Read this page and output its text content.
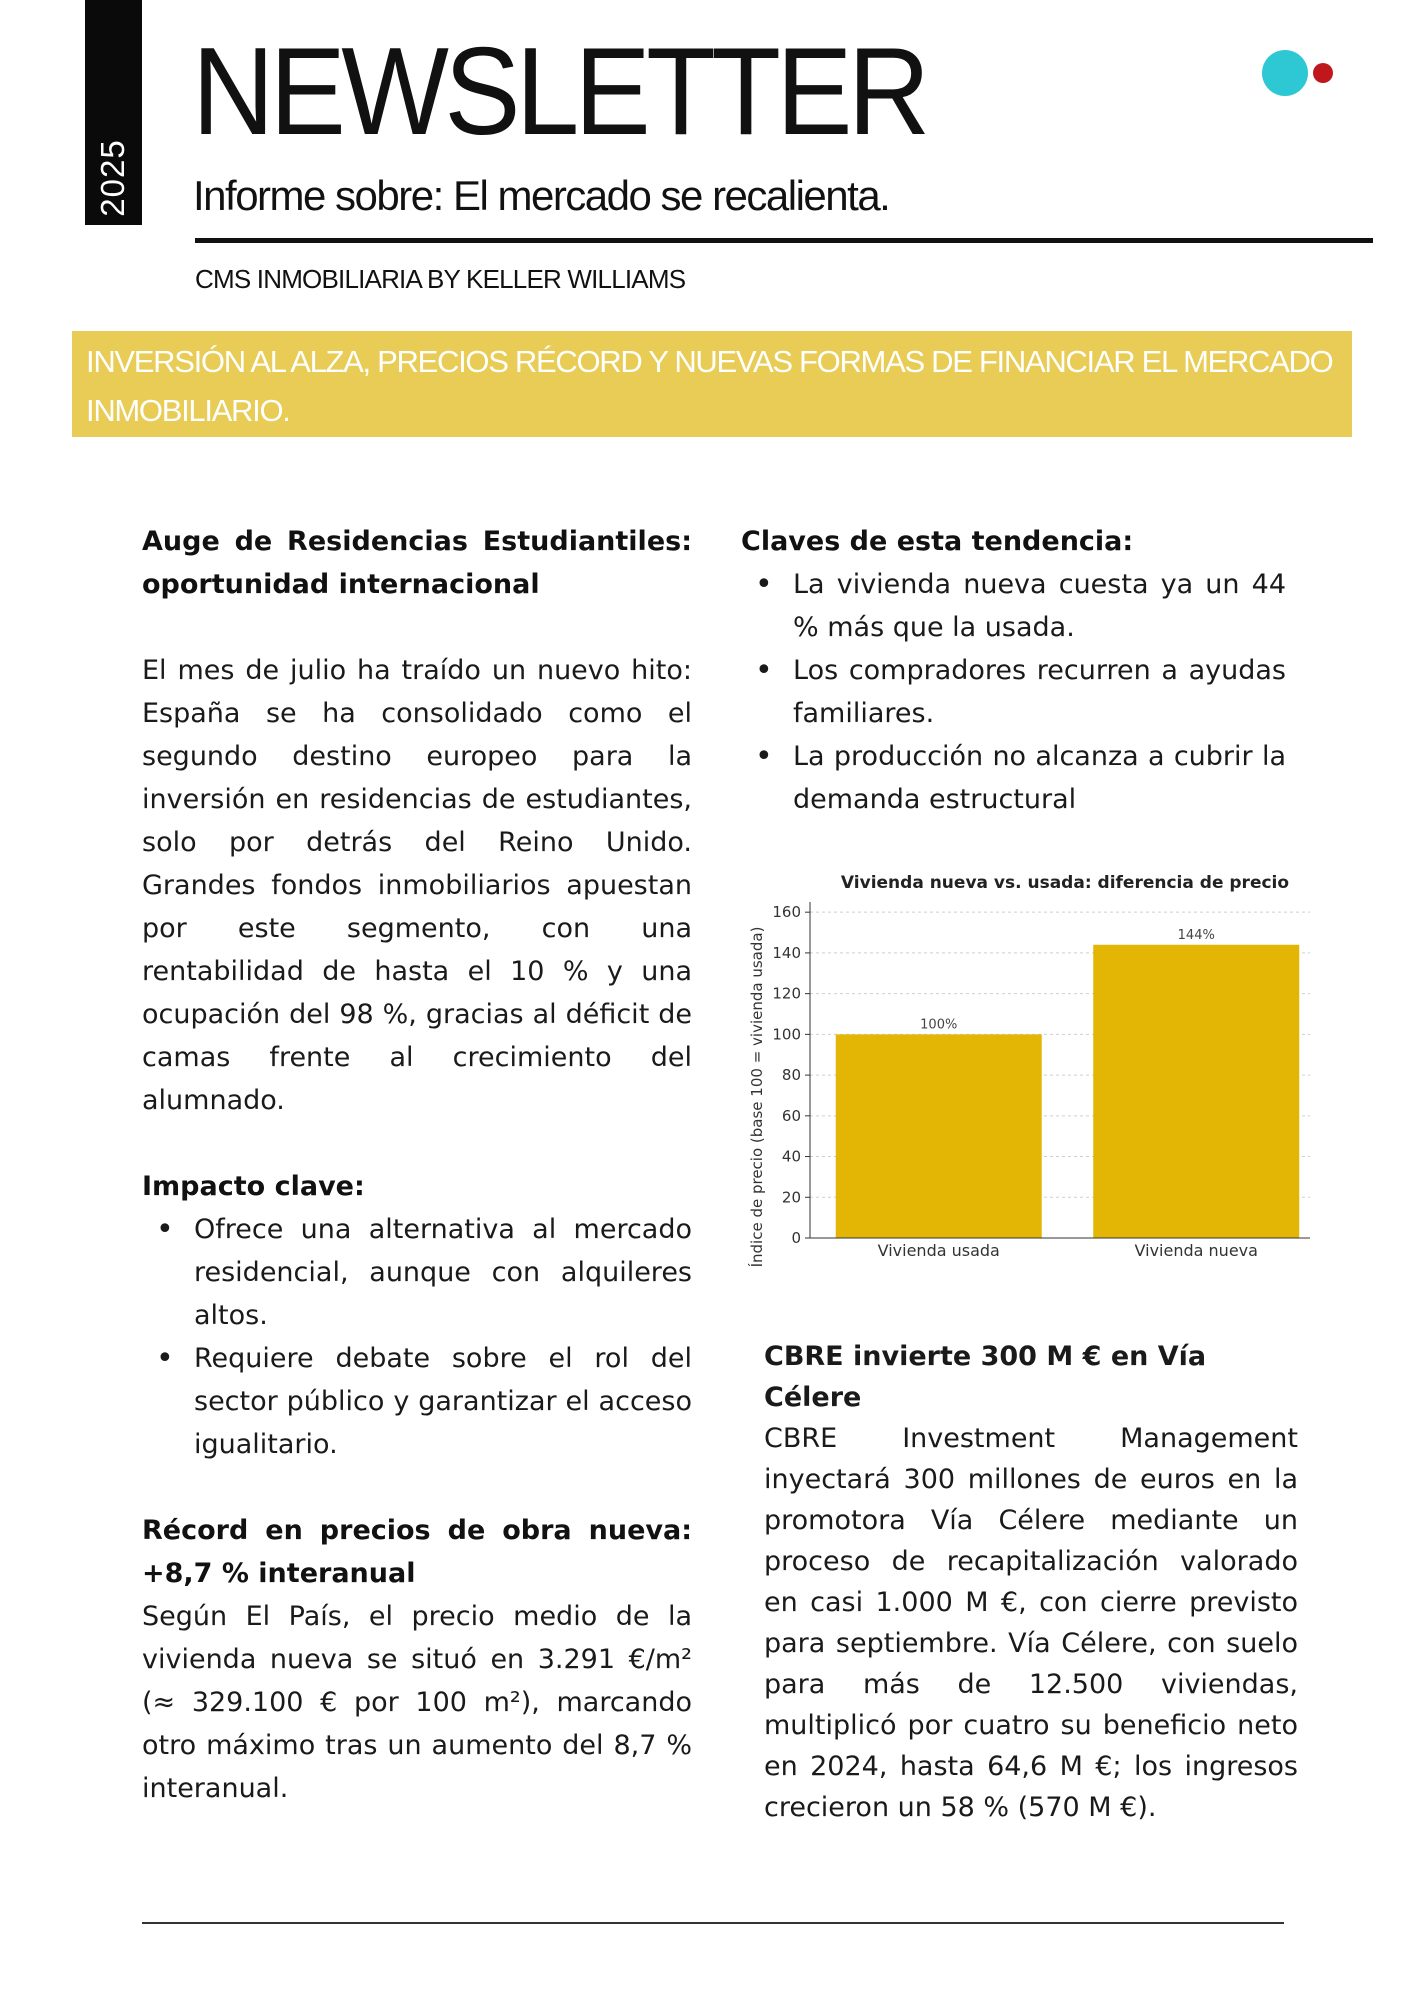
2025
NEWSLETTER
Informe sobre: El mercado se recalienta.
CMS INMOBILIARIA BY KELLER WILLIAMS
INVERSIÓN AL ALZA, PRECIOS RÉCORD Y NUEVAS FORMAS DE FINANCIAR EL MERCADO INMOBILIARIO.
Auge de Residencias Estudiantiles: oportunidad internacional

El mes de julio ha traído un nuevo hito: España se ha consolidado como el segundo destino europeo para la inversión en residencias de estudiantes, solo por detrás del Reino Unido. Grandes fondos inmobiliarios apuestan por este segmento, con una rentabilidad de hasta el 10 % y una ocupación del 98 %, gracias al déficit de camas frente al crecimiento del alumnado.

Impacto clave:
• Ofrece una alternativa al mercado residencial, aunque con alquileres altos.
• Requiere debate sobre el rol del sector público y garantizar el acceso igualitario.
Récord en precios de obra nueva: +8,7 % interanual

Según El País, el precio medio de la vivienda nueva se situó en 3.291 €/m² (≈ 329.100 € por 100 m²), marcando otro máximo tras un aumento del 8,7 % interanual.

Claves de esta tendencia:
• La vivienda nueva cuesta ya un 44 % más que la usada.
• Los compradores recurren a ayudas familiares.
• La producción no alcanza a cubrir la demanda estructural
Vivienda nueva vs. usada: diferencia de precio
Índice de precio (base 100 = vivienda usada) 0
20
40
60
80
100
120
140
160
100%
144%
Vivienda usada	Vivienda nueva
CBRE invierte 300 M € en Vía Célere

CBRE Investment Management inyectará 300 millones de euros en la promotora Vía Célere mediante un proceso de recapitalización valorado en casi 1.000 M €, con cierre previsto para septiembre. Vía Célere, con suelo para más de 12.500 viviendas, multiplicó por cuatro su beneficio neto en 2024, hasta 64,6 M €; los ingresos crecieron un 58 % (570 M €).
